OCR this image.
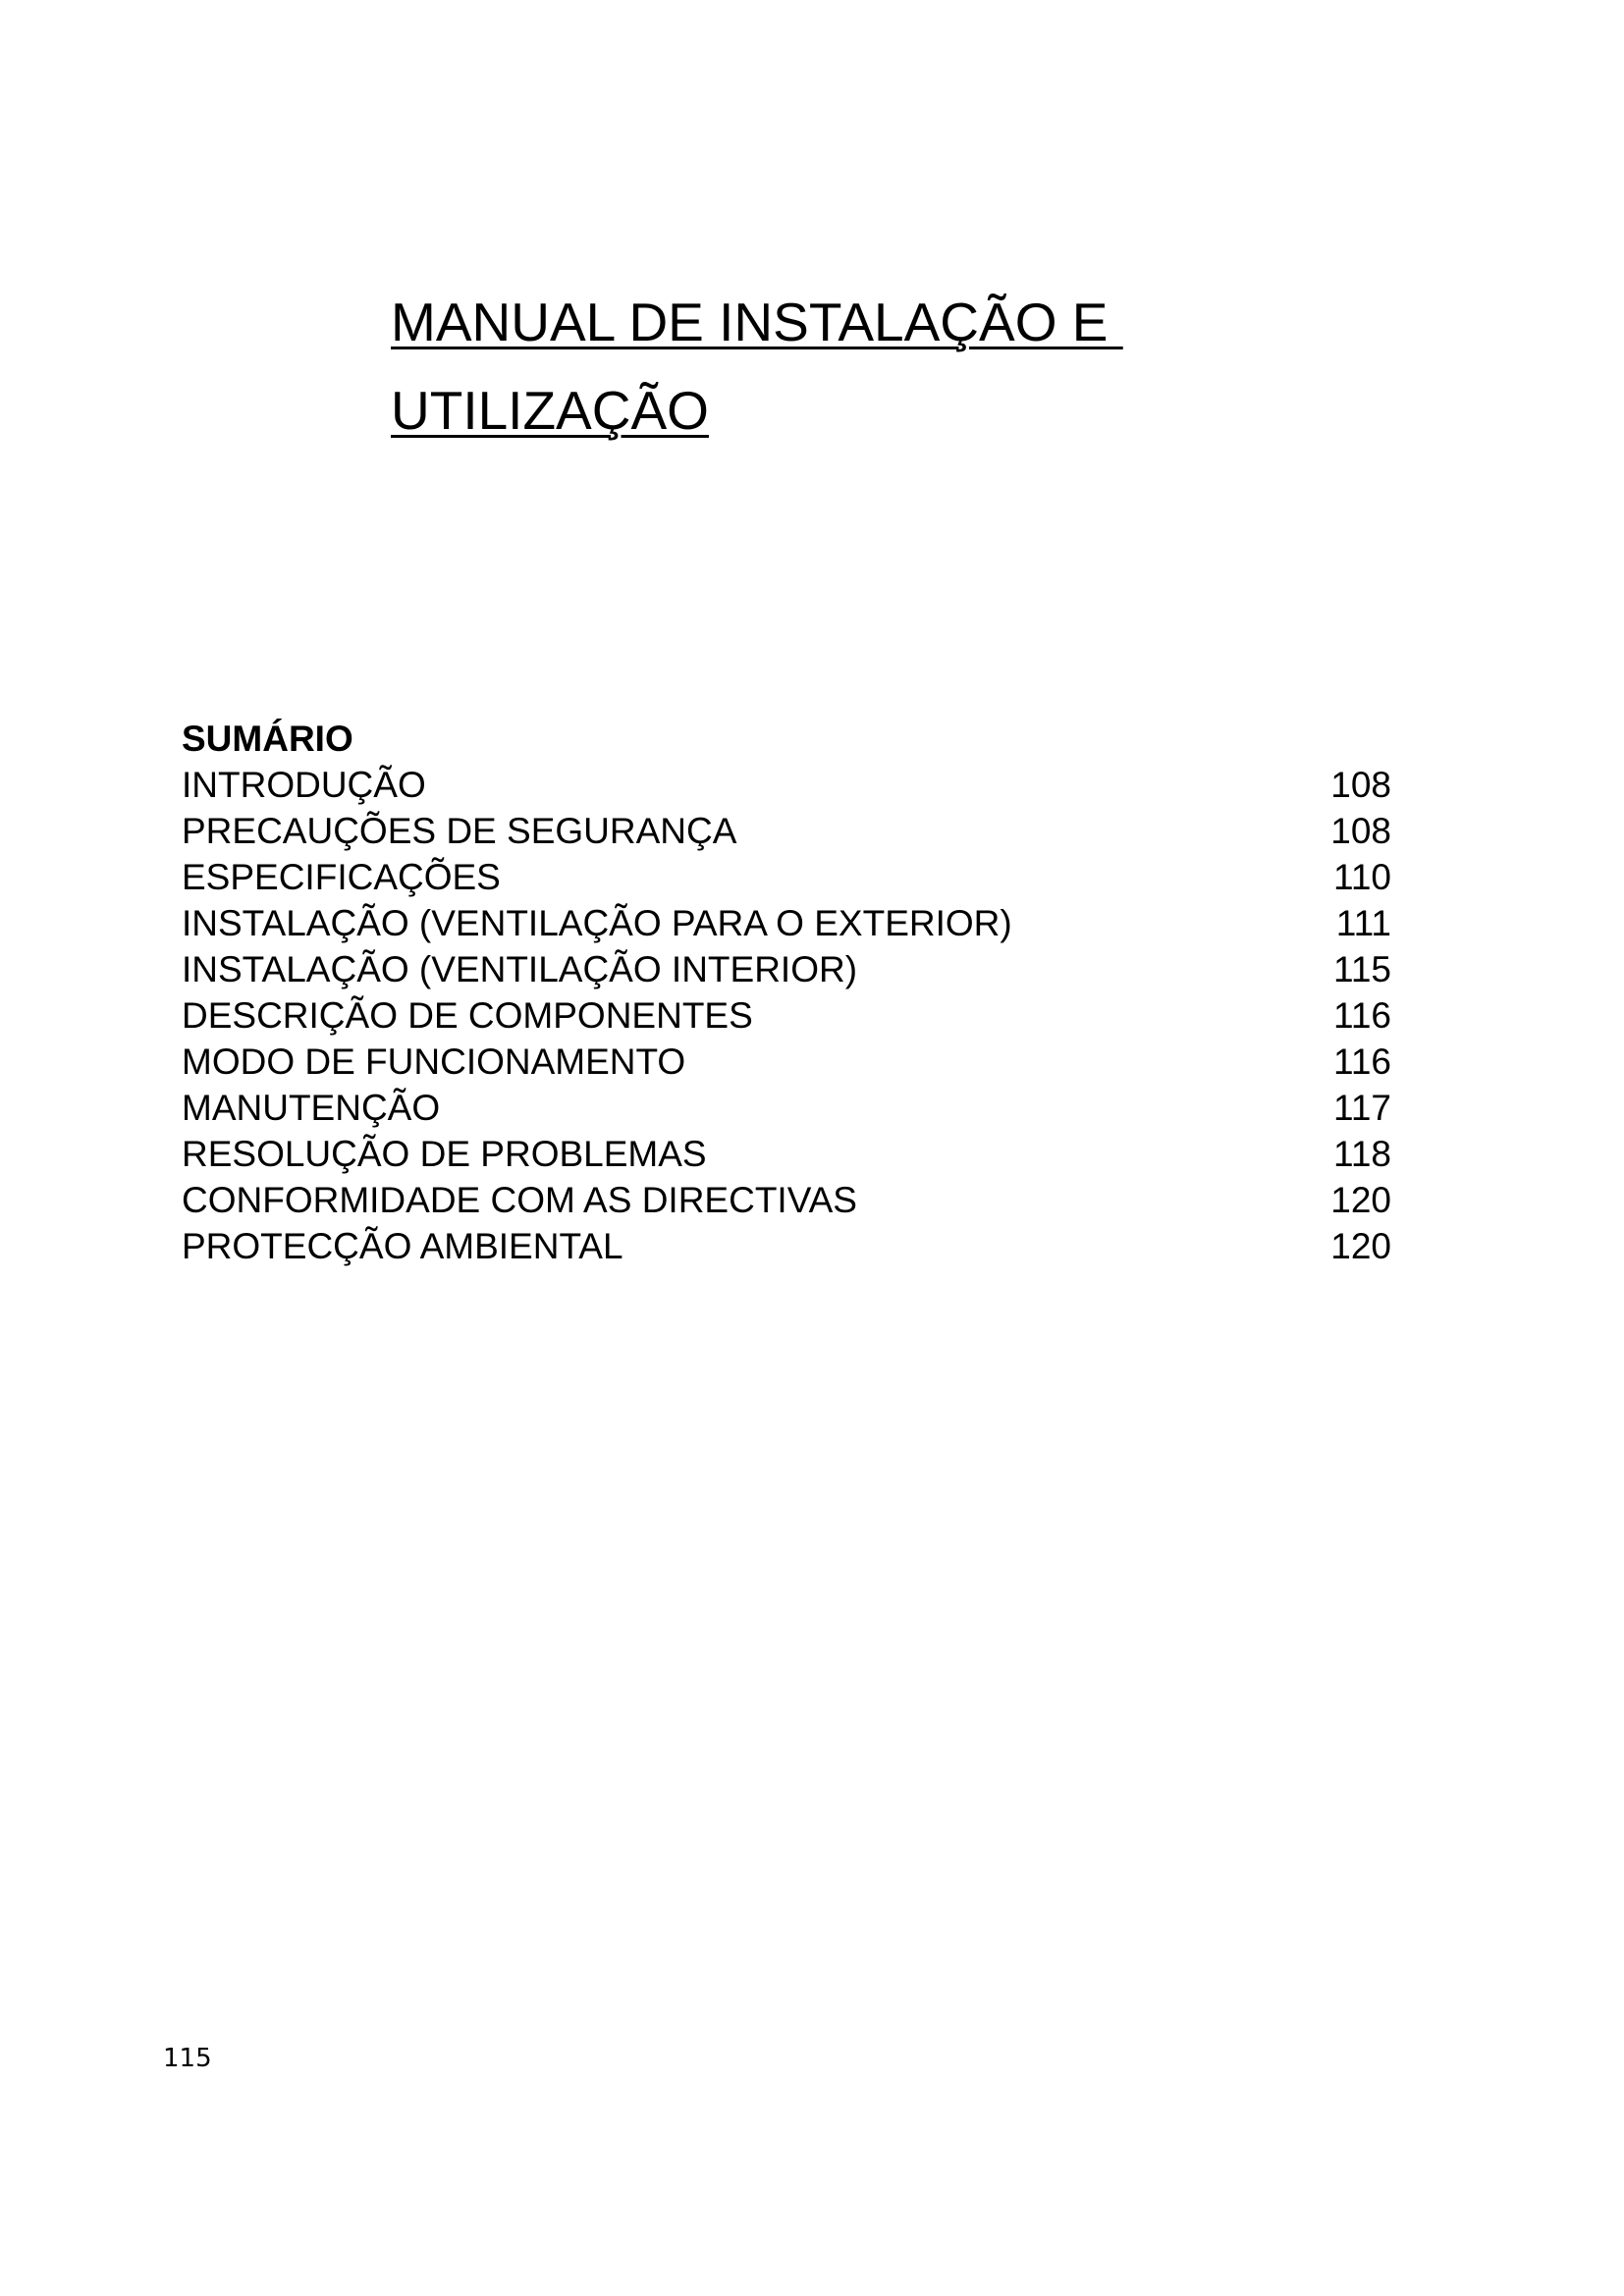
MANUAL DE INSTALAÇÃO E
UTILIZAÇÃO
SUMÁRIO
INTRODUÇÃO	108
PRECAUÇÕES DE SEGURANÇA	108
ESPECIFICAÇÕES	110
INSTALAÇÃO (VENTILAÇÃO PARA O EXTERIOR)	111
INSTALAÇÃO (VENTILAÇÃO INTERIOR)	115
DESCRIÇÃO DE COMPONENTES	116
MODO DE FUNCIONAMENTO	116
MANUTENÇÃO	117
RESOLUÇÃO DE PROBLEMAS	118
CONFORMIDADE COM AS DIRECTIVAS	120
PROTECÇÃO AMBIENTAL	120
115
